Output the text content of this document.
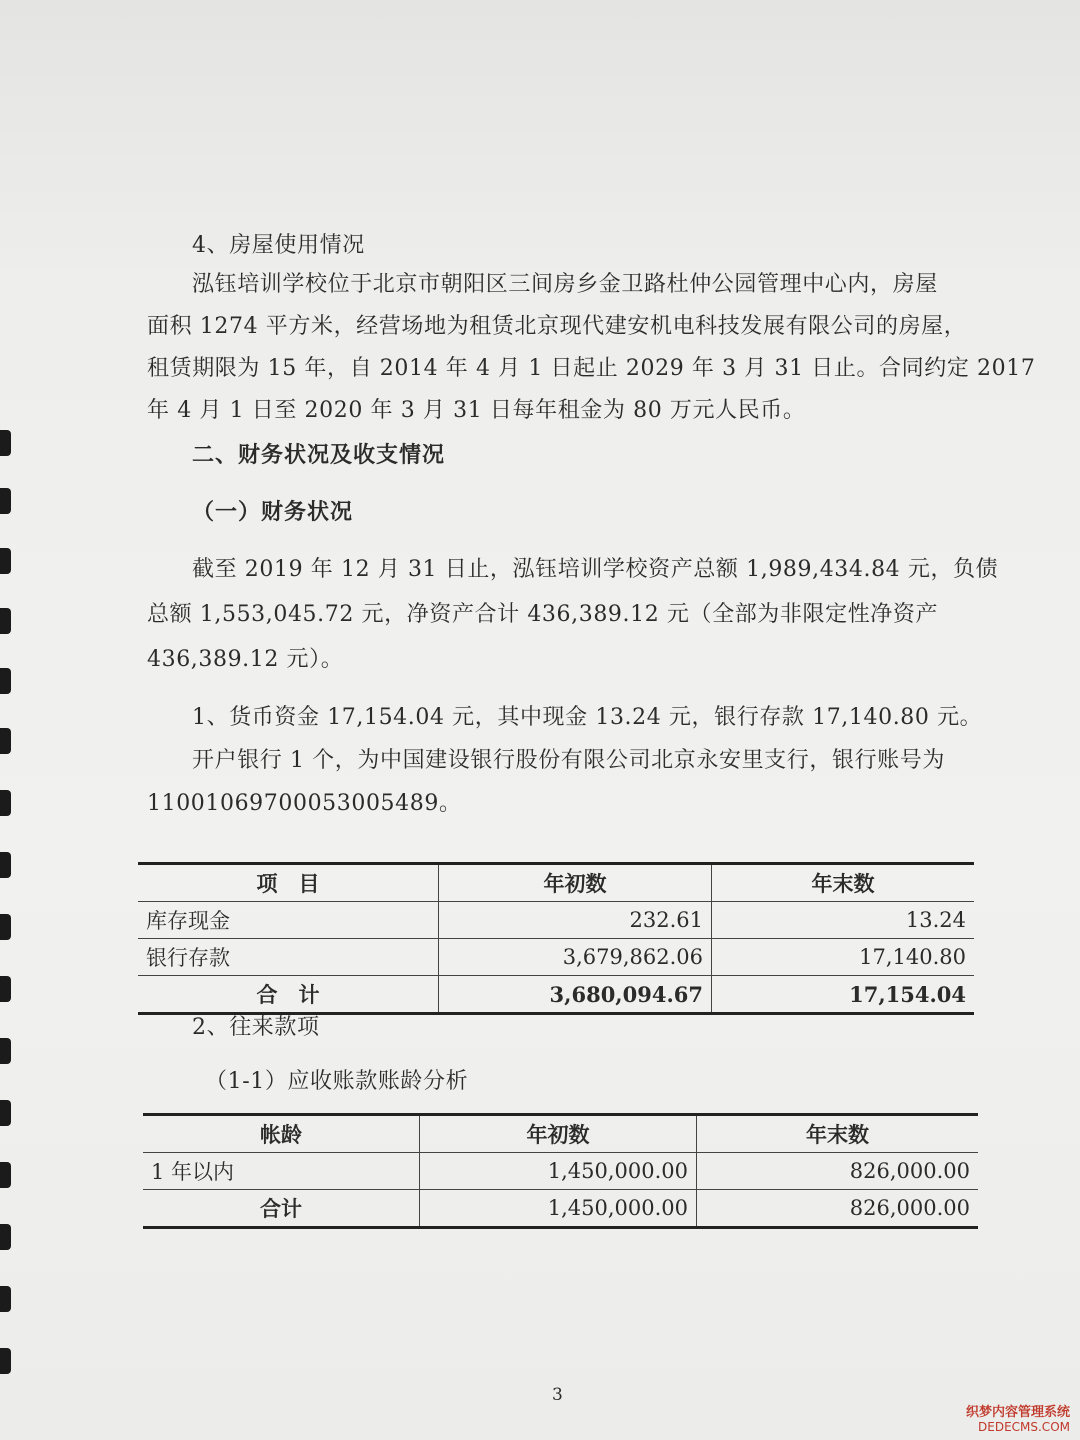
4、房屋使用情况
泓钰培训学校位于北京市朝阳区三间房乡金卫路杜仲公园管理中心内，房屋
面积 1274 平方米，经营场地为租赁北京现代建安机电科技发展有限公司的房屋，
租赁期限为 15 年，自 2014 年 4 月 1 日起止 2029 年 3 月 31 日止。合同约定 2017
年 4 月 1 日至 2020 年 3 月 31 日每年租金为 80 万元人民币。
二、财务状况及收支情况
（一）财务状况
截至 2019 年 12 月 31 日止，泓钰培训学校资产总额 1,989,434.84 元，负债
总额 1,553,045.72 元，净资产合计 436,389.12 元（全部为非限定性净资产
436,389.12 元）。
1、货币资金 17,154.04 元，其中现金 13.24 元，银行存款 17,140.80 元。
开户银行 1 个，为中国建设银行股份有限公司北京永安里支行，银行账号为
11001069700053005489。
项　目	年初数	年末数
库存现金	232.61	13.24
银行存款	3,679,862.06	17,140.80
合　计	3,680,094.67	17,154.04
2、往来款项
（1-1）应收账款账龄分析
帐龄	年初数	年末数
1 年以内	1,450,000.00	826,000.00
合计	1,450,000.00	826,000.00
3
织梦内容管理系统
DEDECMS.COM
